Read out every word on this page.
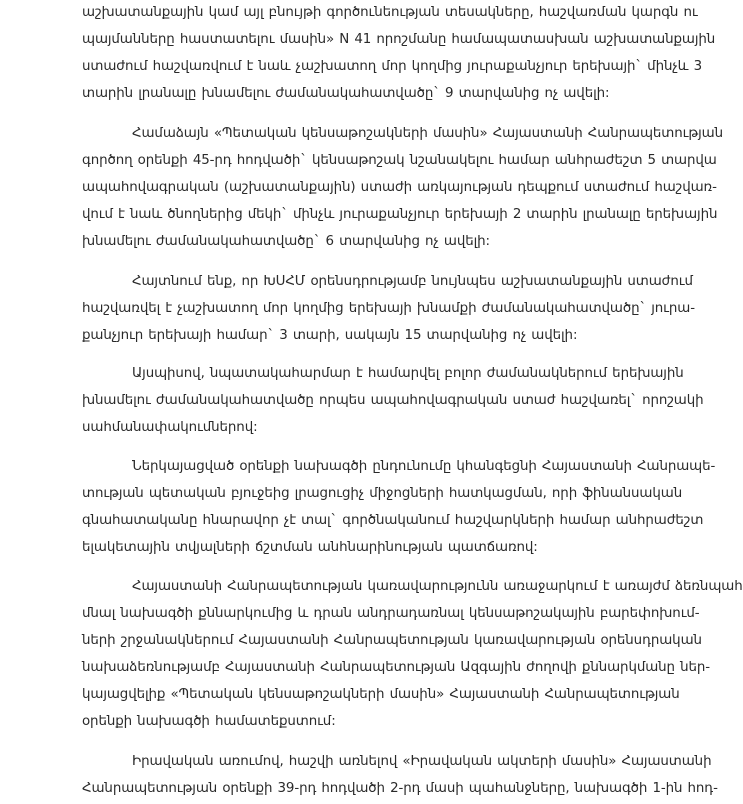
աշխատանքային կամ այլ բնույթի գործունեության տեսակները, հաշվառման կարգն ու
պայմանները հաստատելու մասին» N 41 որոշմանը համապատասխան աշխատանքային
ստաժում հաշվառվում է նաև չաշխատող մոր կողմից յուրաքանչյուր երեխայի` մինչև 3
տարին լրանալը խնամելու ժամանակահատվածը` 9 տարվանից ոչ ավելի:
Համաձայն «Պետական կենսաթոշակների մասին» Հայաստանի Հանրապետության
գործող օրենքի 45-րդ հոդվածի` կենսաթոշակ նշանակելու համար անհրաժեշտ 5 տարվա
ապահովագրական (աշխատանքային) ստաժի առկայության դեպքում ստաժում հաշվառ-
վում է նաև ծնողներից մեկի` մինչև յուրաքանչյուր երեխայի 2 տարին լրանալը երեխային
խնամելու ժամանակահատվածը` 6 տարվանից ոչ ավելի:
Հայտնում ենք, որ ԽՍՀՄ օրենսդրությամբ նույնպես աշխատանքային ստաժում
հաշվառվել է չաշխատող մոր կողմից երեխայի խնամքի ժամանակահատվածը` յուրա-
քանչյուր երեխայի համար` 3 տարի, սակայն 15 տարվանից ոչ ավելի:
Այսպիսով, նպատակահարմար է համարվել բոլոր ժամանակներում երեխային
խնամելու ժամանակահատվածը որպես ապահովագրական ստաժ հաշվառել` որոշակի
սահմանափակումներով:
Ներկայացված օրենքի նախագծի ընդունումը կհանգեցնի Հայաստանի Հանրապե-
տության պետական բյուջեից լրացուցիչ միջոցների հատկացման, որի ֆինանսական
գնահատականը հնարավոր չէ տալ` գործնականում հաշվարկների համար անհրաժեշտ
ելակետային տվյալների ճշտման անհնարինության պատճառով:
Հայաստանի Հանրապետության կառավարությունն առաջարկում է առայժմ ձեռնպահ
մնալ նախագծի քննարկումից և դրան անդրադառնալ կենսաթոշակային բարեփոխում-
ների շրջանակներում Հայաստանի Հանրապետության կառավարության օրենսդրական
նախաձեռնությամբ Հայաստանի Հանրապետության Ազգային ժողովի քննարկմանը ներ-
կայացվելիք «Պետական կենսաթոշակների մասին» Հայաստանի Հանրապետության
օրենքի նախագծի համատեքստում:
Իրավական առումով, հաշվի առնելով «Իրավական ակտերի մասին» Հայաստանի
Հանրապետության օրենքի 39-րդ հոդվածի 2-րդ մասի պահանջները, նախագծի 1-ին հոդ-
